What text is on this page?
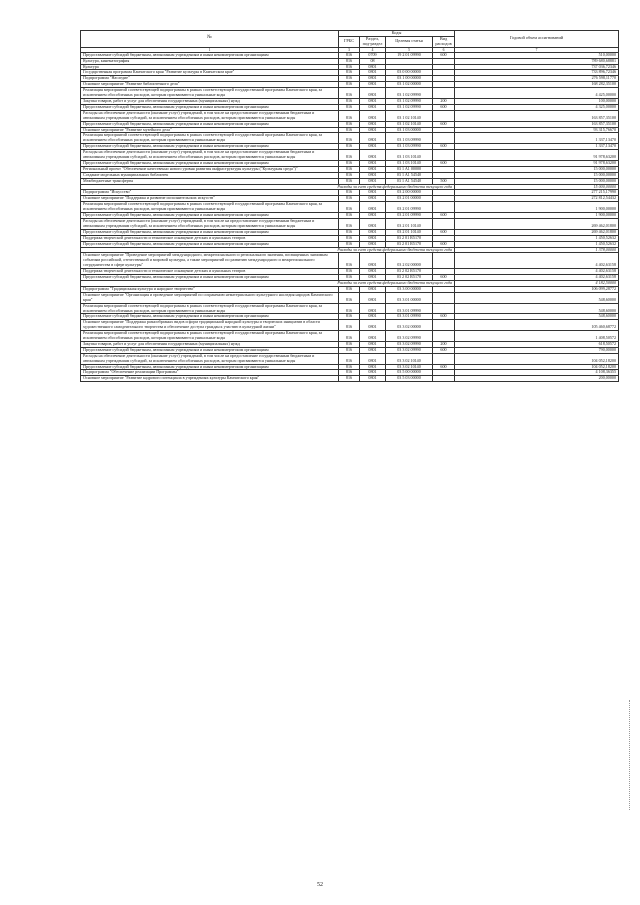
№	Коды				Годовой объем ассигнований
	ГРБС	Раздел, под-раздел	Целевая статья	Вид расходов	
1	3	4	5	6	7
Предоставление субсидий бюджетным, автономным учреждениям и иным некоммерческим организациям	816	0709	19 2 01 09990	600	510,00000
Культура, кинематография	816	08			789 680,68881
Культура	816	0801			737 036,72346
Государственная программа Камчатского края "Развитие культуры в Камчатском крае"	816	0801	03 0 00 00000		733 896,72346
Подпрограмма "Наследие"	816	0801	03 1 00 00000		276 598,11770
Основное мероприятие "Развитие библиотечного дела"	816	0801	03 1 02 00000		168 282,35100
Реализация мероприятий соответствующей подпрограммы в рамках соответствующей государственной программы Камчатского края, за исключением обособленных расходов, которым присваиваются уникальные коды	816	0801	03 1 02 09990		4 425,00000
Закупка товаров, работ и услуг для обеспечения государственных (муниципальных) нужд	816	0801	03 1 02 09990	200	100,00000
Предоставление субсидий бюджетным, автономным учреждениям и иным некоммерческим организациям	816	0801	03 1 02 09990	600	4 325,00000
Расходы на обеспечение деятельности (оказание услуг) учреждений, в том числе на предоставление государственным бюджетным и автономным учреждениям субсидий, за исключением обособленных расходов, которым присваиваются уникальные коды	816	0801	03 1 02 10140		163 857,35100
Предоставление субсидий бюджетным, автономным учреждениям и иным некоммерческим организациям	816	0801	03 1 02 10140	600	163 857,35100
Основное мероприятие "Развитие музейного дела"	816	0801	03 1 03 00000		93 315,76670
Реализация мероприятий соответствующей подпрограммы в рамках соответствующей государственной программы Камчатского края, за исключением обособленных расходов, которым присваиваются уникальные коды	816	0801	03 1 03 09990		1 337,13470
Предоставление субсидий бюджетным, автономным учреждениям и иным некоммерческим организациям	816	0801	03 1 03 09990	600	1 337,13470
Расходы на обеспечение деятельности (оказание услуг) учреждений, в том числе на предоставление государственным бюджетным и автономным учреждениям субсидий, за исключением обособленных расходов, которым присваиваются уникальные коды	816	0801	03 1 03 10140		91 978,63200
Предоставление субсидий бюджетным, автономным учреждениям и иным некоммерческим организациям	816	0801	03 1 03 10140	600	91 978,63200
Региональный проект "Обеспечение качественно нового уровня развития инфраструктуры культуры ("Культурная среда")"	816	0801	03 1 A1 00000		15 000,00000
Создание модельных муниципальных библиотек	816	0801	03 1 A1 54540		15 000,00000
Межбюджетные трансферты	816	0801	03 1 A1 54540	500	15 000,00000
Расходы за счет средств федерального бюджета текущего года					15 000,00000
Подпрограмма "Искусство"	816	0801	03 2 00 00000		277 215,17990
Основное мероприятие "Поддержка и развитие исполнительских искусств"	816	0801	03 2 01 00000		272 812,54432
Реализация мероприятий соответствующей подпрограммы в рамках соответствующей государственной программы Камчатского края, за исключением обособленных расходов, которым присваиваются уникальные коды	816	0801	03 2 01 09990		1 900,00000
Предоставление субсидий бюджетным, автономным учреждениям и иным некоммерческим организациям	816	0801	03 2 01 09990	600	1 900,00000
Расходы на обеспечение деятельности (оказание услуг) учреждений, в том числе на предоставление государственным бюджетным и автономным учреждениям субсидий, за исключением обособленных расходов, которым присваиваются уникальные коды	816	0801	03 2 01 10140		269 462,01800
Предоставление субсидий бюджетным, автономным учреждениям и иным некоммерческим организациям	816	0801	03 2 01 10140	600	269 462,01800
Поддержка творческой деятельности и техническое оснащение детских и кукольных театров	816	0801	03 2 01 R5170		1 450,52632
Предоставление субсидий бюджетным, автономным учреждениям и иным некоммерческим организациям	816	0801	03 2 01 R5170	600	1 450,52632
Расходы за счет средств федерального бюджета текущего года					1 378,00000
Основное мероприятие "Проведение мероприятий международного, межрегионального и регионального значения, посвященных значимым событиям российской, отечественной и мировой культуры, а также мероприятий по развитию международного и межрегионального сотрудничества в сфере культуры"	816	0801	03 2 02 00000		4 402,63158
Поддержка творческой деятельности и техническое оснащение детских и кукольных театров	816	0801	03 2 02 R5170		4 402,63158
Предоставление субсидий бюджетным, автономным учреждениям и иным некоммерческим организациям	816	0801	03 2 02 R5170	600	4 402,63158
Расходы за счет средств федерального бюджета текущего года					4 182,50000
Подпрограмма "Традиционная культура и народное творчество"	816	0801	03 3 00 00000		106 099,28772
Основное мероприятие "Организация и проведение мероприятий по сохранению нематериального культурного наследия народов Камчатского края"	816	0801	03 3 01 00000		548,60000
Реализация мероприятий соответствующей подпрограммы в рамках соответствующей государственной программы Камчатского края, за исключением обособленных расходов, которым присваиваются уникальные коды	816	0801	03 3 01 09990		548,60000
Предоставление субсидий бюджетным, автономным учреждениям и иным некоммерческим организациям	816	0801	03 3 01 09990	600	548,60000
Основное мероприятие "Поддержка разнообразных видов и форм традиционной народной культуры и творческих инициатив в области художественного самодеятельного творчества и обеспечение доступа граждан к участию в культурной жизни"	816	0801	03 3 02 00000		105 460,68772
Реализация мероприятий соответствующей подпрограммы в рамках соответствующей государственной программы Камчатского края, за исключением обособленных расходов, которым присваиваются уникальные коды	816	0801	03 3 02 09990		1 408,50572
Закупка товаров, работ и услуг для обеспечения государственных (муниципальных) нужд	816	0801	03 3 02 09990	200	618,50572
Предоставление субсидий бюджетным, автономным учреждениям и иным некоммерческим организациям	816	0801	03 3 02 09990	600	790,00000
Расходы на обеспечение деятельности (оказание услуг) учреждений, в том числе на предоставление государственным бюджетным и автономным учреждениям субсидий, за исключением обособленных расходов, которым присваиваются уникальные коды	816	0801	03 3 02 10140		104 052,18200
Предоставление субсидий бюджетным, автономным учреждениям и иным некоммерческим организациям	816	0801	03 3 02 10140	600	104 052,18200
Подпрограмма "Обеспечение реализации Программы"	816	0801	03 5 00 00000		4 108,36355
Основное мероприятие "Развитие кадрового потенциала в учреждениях культуры Камчатского края"	816	0801	03 5 03 00000		200,00000
52
